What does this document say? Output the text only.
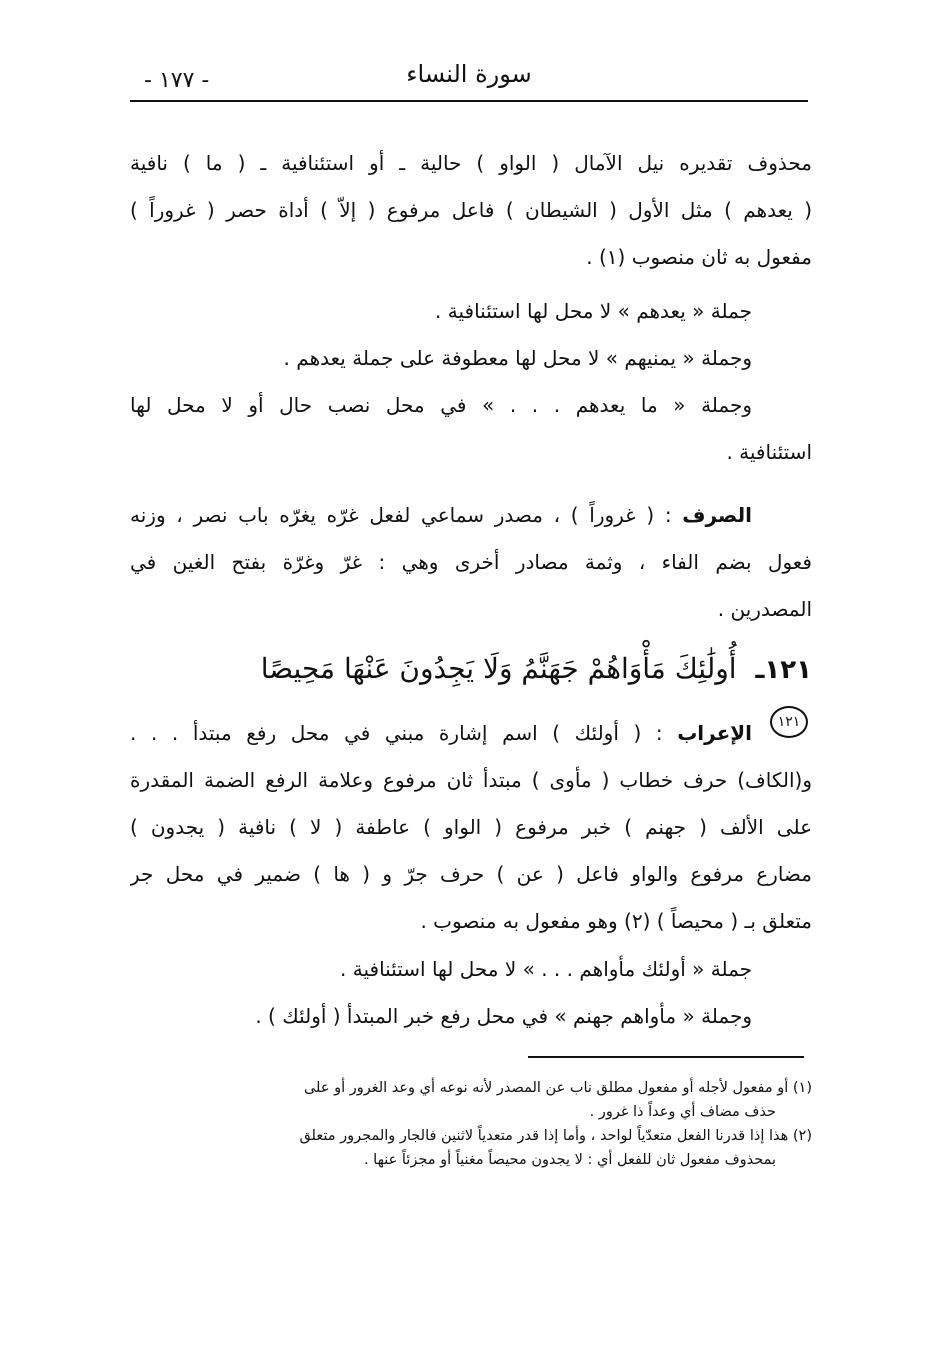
سورة النساء
- ١٧٧ -
محذوف تقديره نيل الآمال ( الواو ) حالية ـ أو استئنافية ـ ( ما ) نافية
( يعدهم ) مثل الأول ( الشيطان ) فاعل مرفوع ( إلاّ ) أداة حصر ( غروراً )
مفعول به ثان منصوب (١) .
جملة « يعدهم » لا محل لها استئنافية .
وجملة « يمنيهم » لا محل لها معطوفة على جملة يعدهم .
وجملة « ما يعدهم . . . » في محل نصب حال أو لا محل لها
استئنافية .
الصرف : ( غروراً ) ، مصدر سماعي لفعل غرّه يغرّه باب نصر ، وزنه
فعول بضم الفاء ، وثمة مصادر أخرى وهي : غرّ وغرّة بفتح الغين في
المصدرين .
١٢١ـ أُولَٰئِكَ مَأْوَاهُمْ جَهَنَّمُ وَلَا يَجِدُونَ عَنْهَا مَحِيصًا ١٢١
الإعراب : ( أولئك ) اسم إشارة مبني في محل رفع مبتدأ . . .
و(الكاف) حرف خطاب ( مأوى ) مبتدأ ثان مرفوع وعلامة الرفع الضمة المقدرة
على الألف ( جهنم ) خبر مرفوع ( الواو ) عاطفة ( لا ) نافية ( يجدون )
مضارع مرفوع والواو فاعل ( عن ) حرف جرّ و ( ها ) ضمير في محل جر
متعلق بـ ( محيصاً ) (٢) وهو مفعول به منصوب .
جملة « أولئك مأواهم . . . » لا محل لها استئنافية .
وجملة « مأواهم جهنم » في محل رفع خبر المبتدأ ( أولئك ) .
(١) أو مفعول لأجله أو مفعول مطلق ناب عن المصدر لأنه نوعه أي وعد الغرور أو على
حذف مضاف أي وعداً ذا غرور .
(٢) هذا إذا قدرنا الفعل متعدّياً لواحد ، وأما إذا قدر متعدياً لاثنين فالجار والمجرور متعلق
بمحذوف مفعول ثان للفعل أي : لا يجدون محيصاً مغنياً أو مجزئاً عنها .
